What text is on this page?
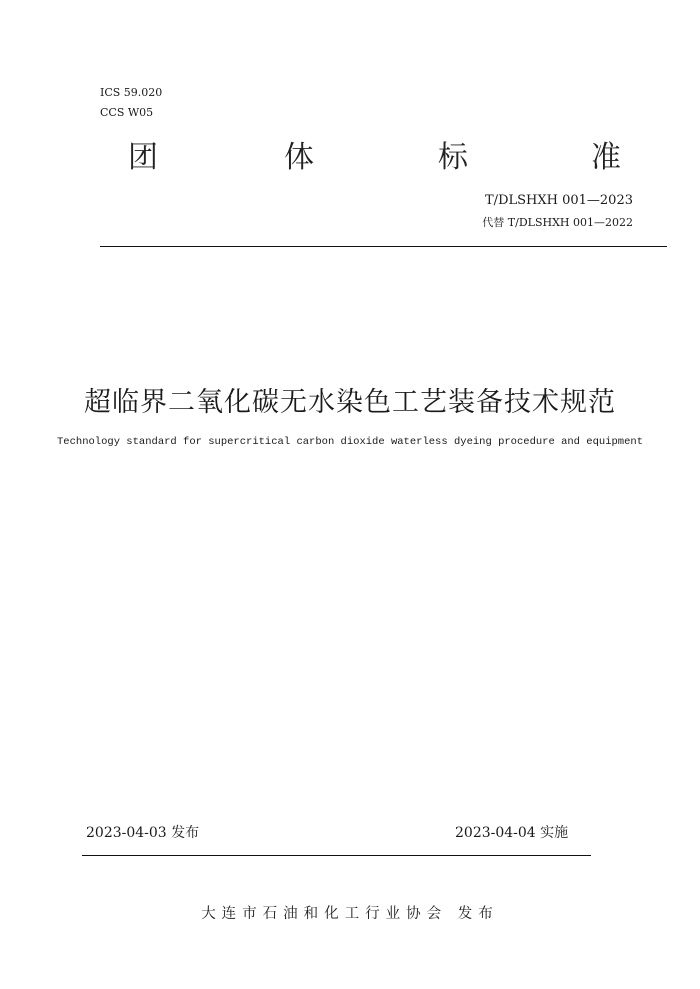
ICS 59.020
CCS W05
团	体	标	准
T/DLSHXH 001—2023
代替 T/DLSHXH 001—2022
超临界二氧化碳无水染色工艺装备技术规范
Technology standard for supercritical carbon dioxide waterless dyeing procedure and equipment
2023-04-03 发布	2023-04-04 实施
大连市石油和化工行业协会 发布
